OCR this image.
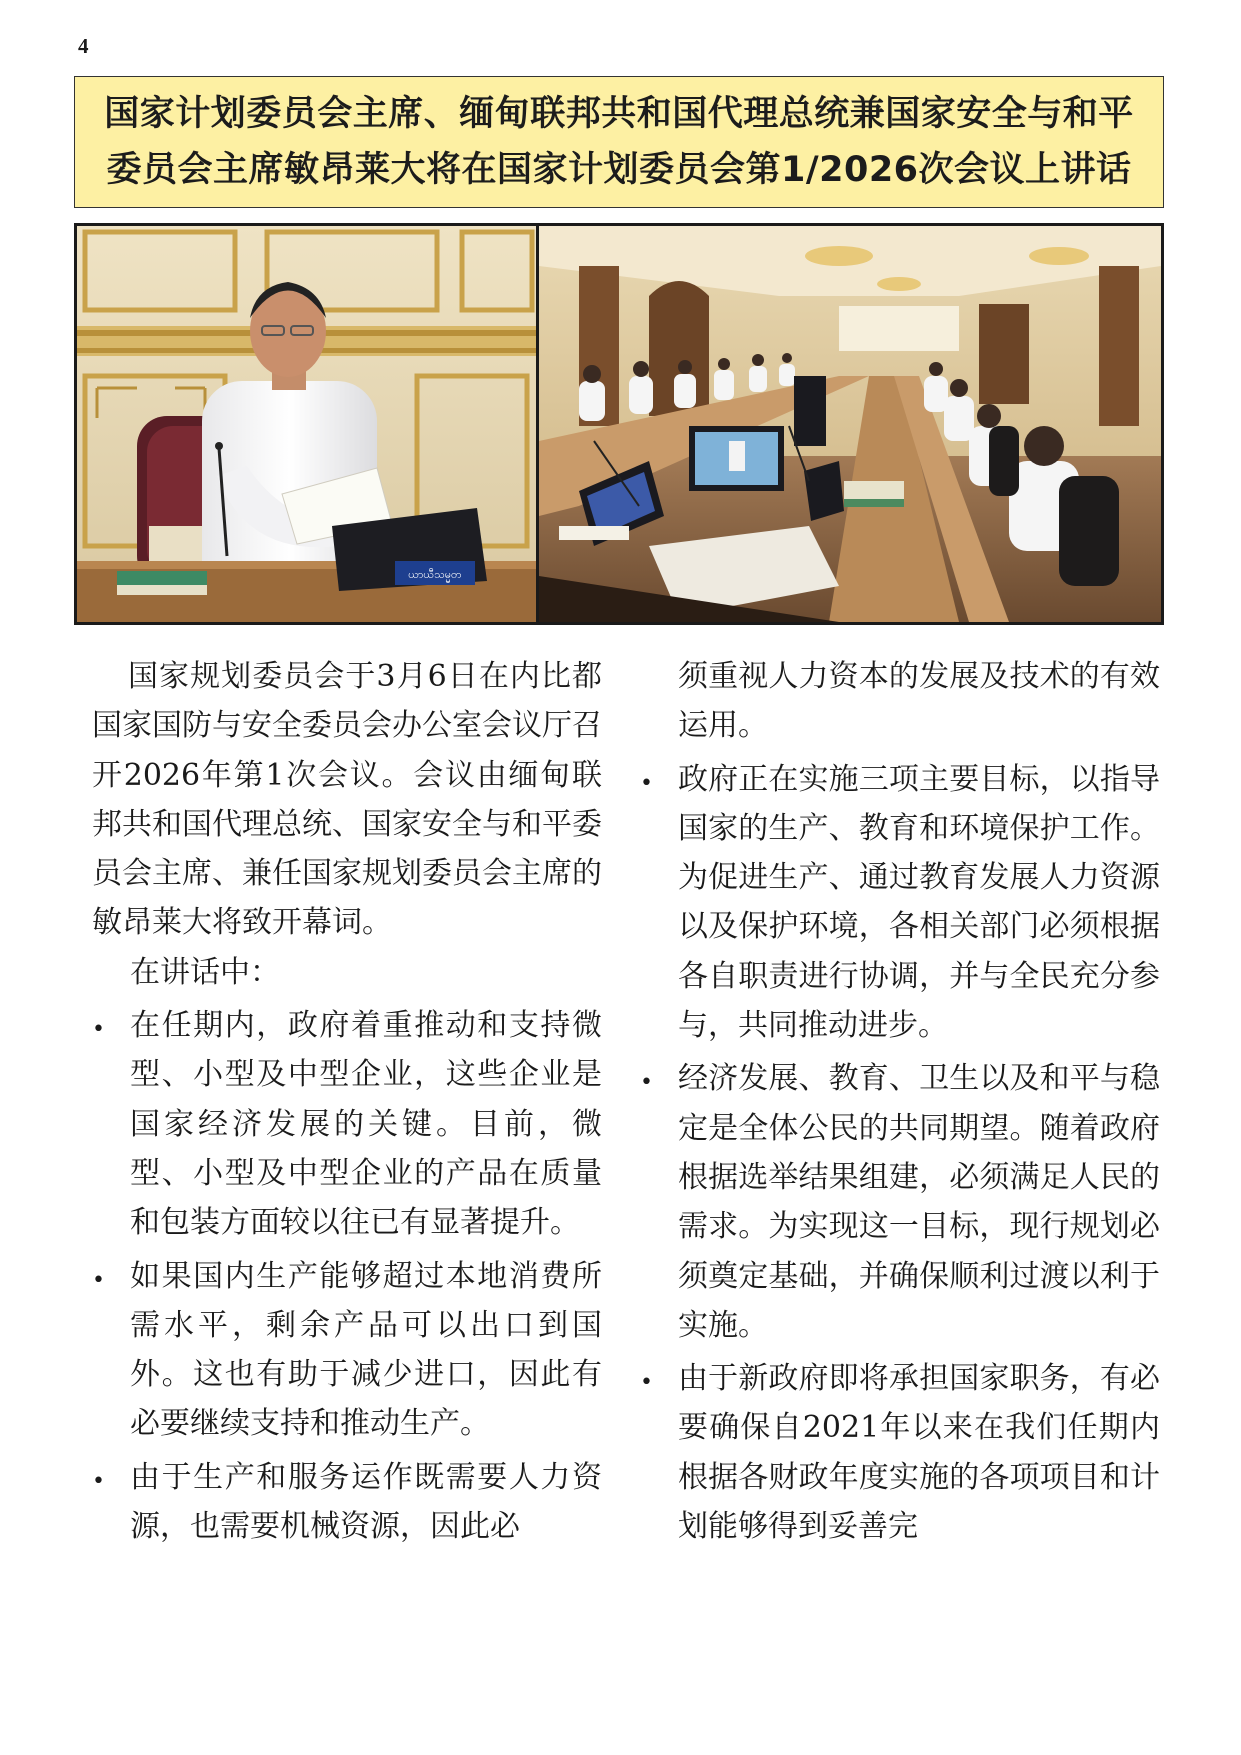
4
国家计划委员会主席、缅甸联邦共和国代理总统兼国家安全与和平
委员会主席敏昂莱大将在国家计划委员会第1/2026次会议上讲话
ယာယီသမ္မတ

国家规划委员会于3月6日在内比都国家国防与安全委员会办公室会议厅召开2026年第1次会议。会议由缅甸联邦共和国代理总统、国家安全与和平委员会主席、兼任国家规划委员会主席的敏昂莱大将致开幕词。

在讲话中：

• 在任期内，政府着重推动和支持微型、小型及中型企业，这些企业是国家经济发展的关键。目前，微型、小型及中型企业的产品在质量和包装方面较以往已有显著提升。

• 如果国内生产能够超过本地消费所需水平，剩余产品可以出口到国外。这也有助于减少进口，因此有必要继续支持和推动生产。

• 由于生产和服务运作既需要人力资源，也需要机械资源，因此必

须重视人力资本的发展及技术的有效运用。

• 政府正在实施三项主要目标，以指导国家的生产、教育和环境保护工作。为促进生产、通过教育发展人力资源以及保护环境，各相关部门必须根据各自职责进行协调，并与全民充分参与，共同推动进步。

• 经济发展、教育、卫生以及和平与稳定是全体公民的共同期望。随着政府根据选举结果组建，必须满足人民的需求。为实现这一目标，现行规划必须奠定基础，并确保顺利过渡以利于实施。

• 由于新政府即将承担国家职务，有必要确保自2021年以来在我们任期内根据各财政年度实施的各项项目和计划能够得到妥善完
